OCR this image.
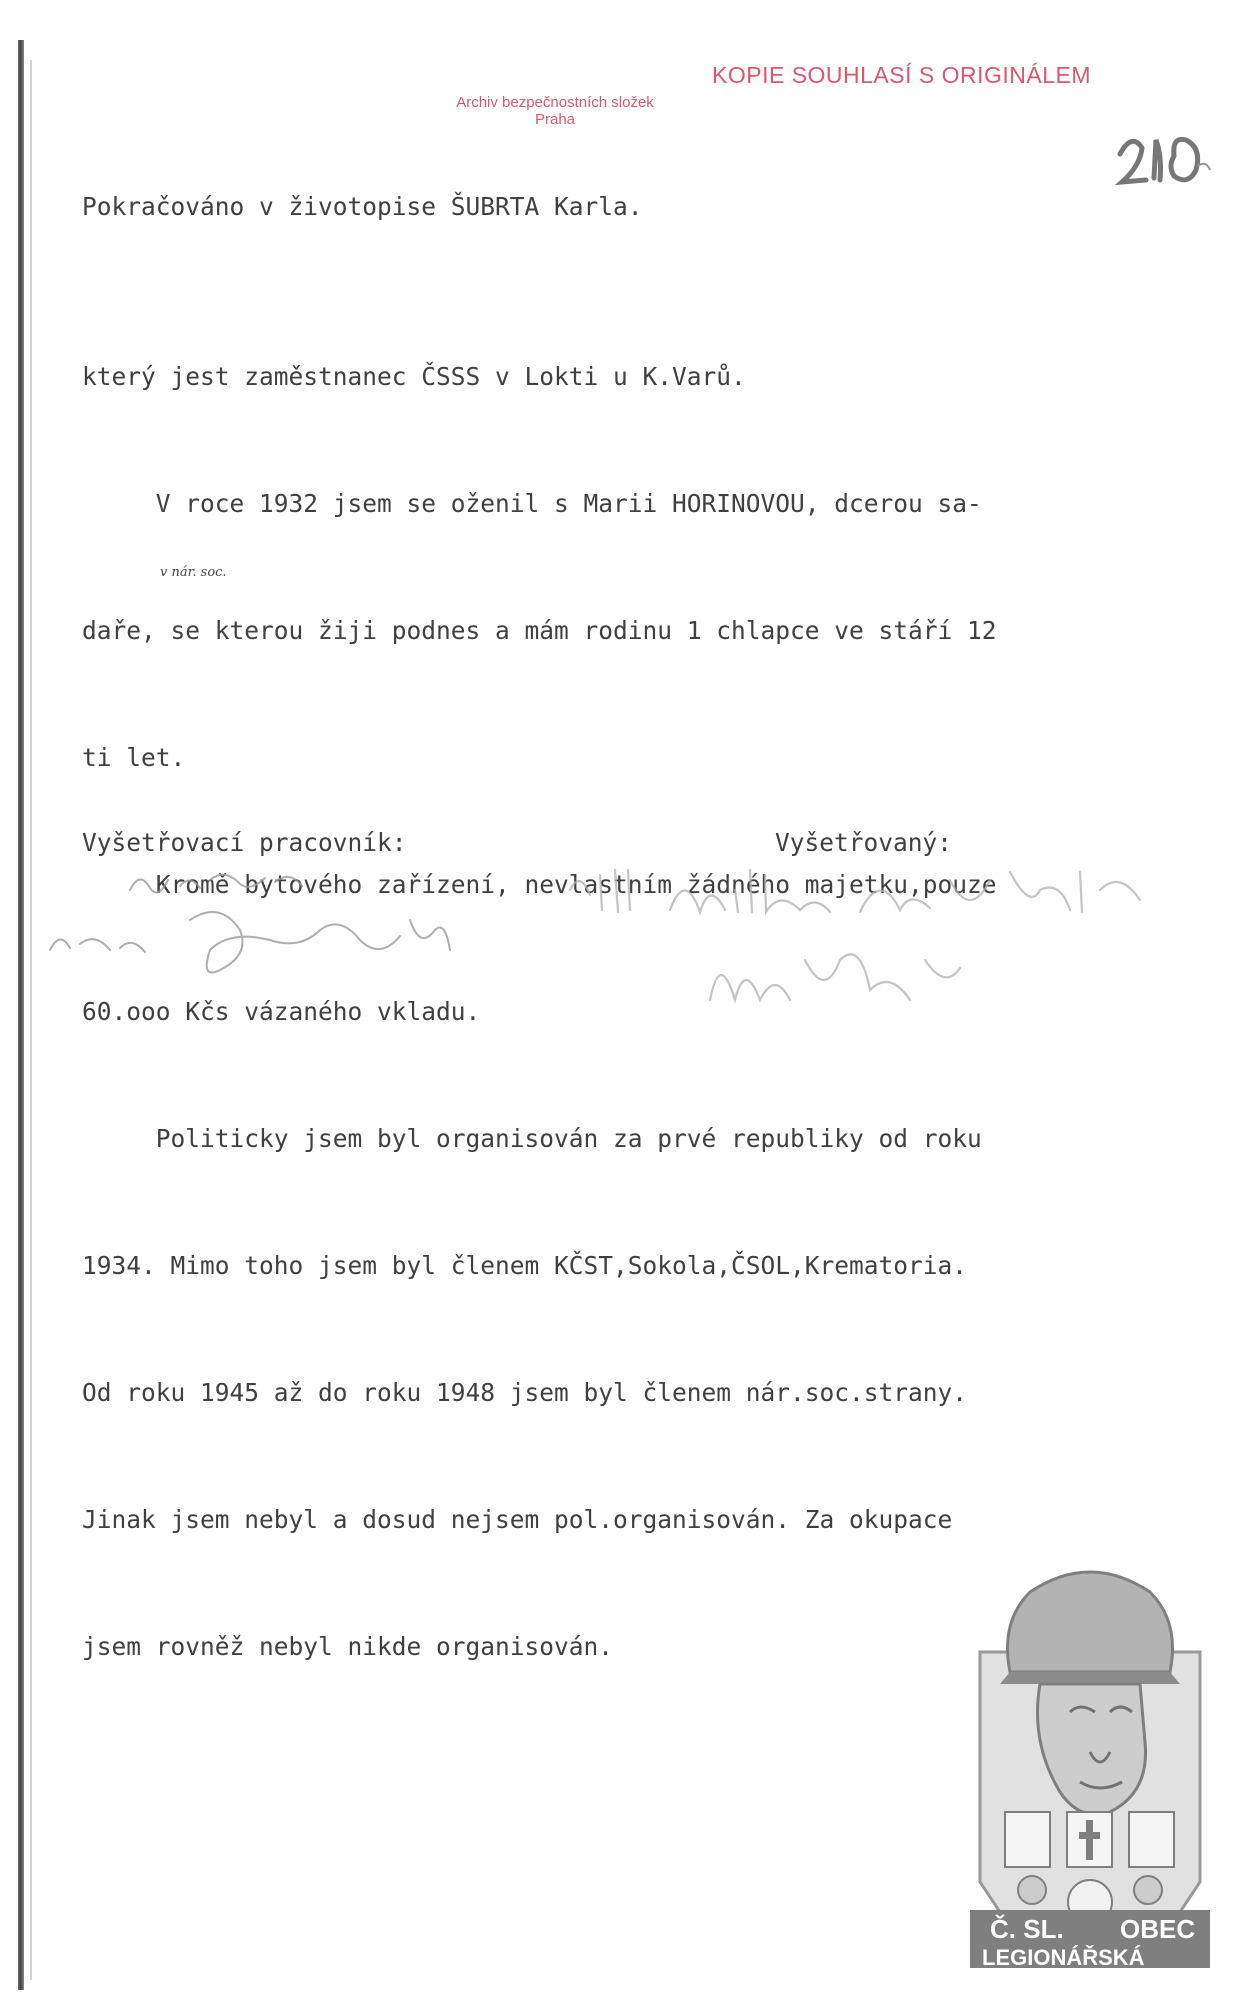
KOPIE SOUHLASÍ S ORIGINÁLEM
Archiv bezpečnostních složek
Praha
Pokračováno v životopise ŠUBRTA Karla.

který jest zaměstnanec ČSSS v Lokti u K.Varů.

V roce 1932 jsem se oženil s Marii HORINOVOU, dcerou sa-

daře, se kterou žiji podnes a mám rodinu 1 chlapce ve stáří 12

ti let.

Kromě bytového zařízení, nevlastním žádného majetku,pouze

60.ooo Kčs vázaného vkladu.

Politicky jsem byl organisován za prvé republiky od roku

1934. Mimo toho jsem byl členem KČST,Sokola,ČSOL,Krematoria.

Od roku 1945 až do roku 1948 jsem byl členem nár.soc.strany.

Jinak jsem nebyl a dosud nejsem pol.organisován. Za okupace

jsem rovněž nebyl nikde organisován.

v nár. soc.
Vyšetřovací pracovník:	Vyšetřovaný:
Č. SL. OBEC
LEGIONÁŘSKÁ
